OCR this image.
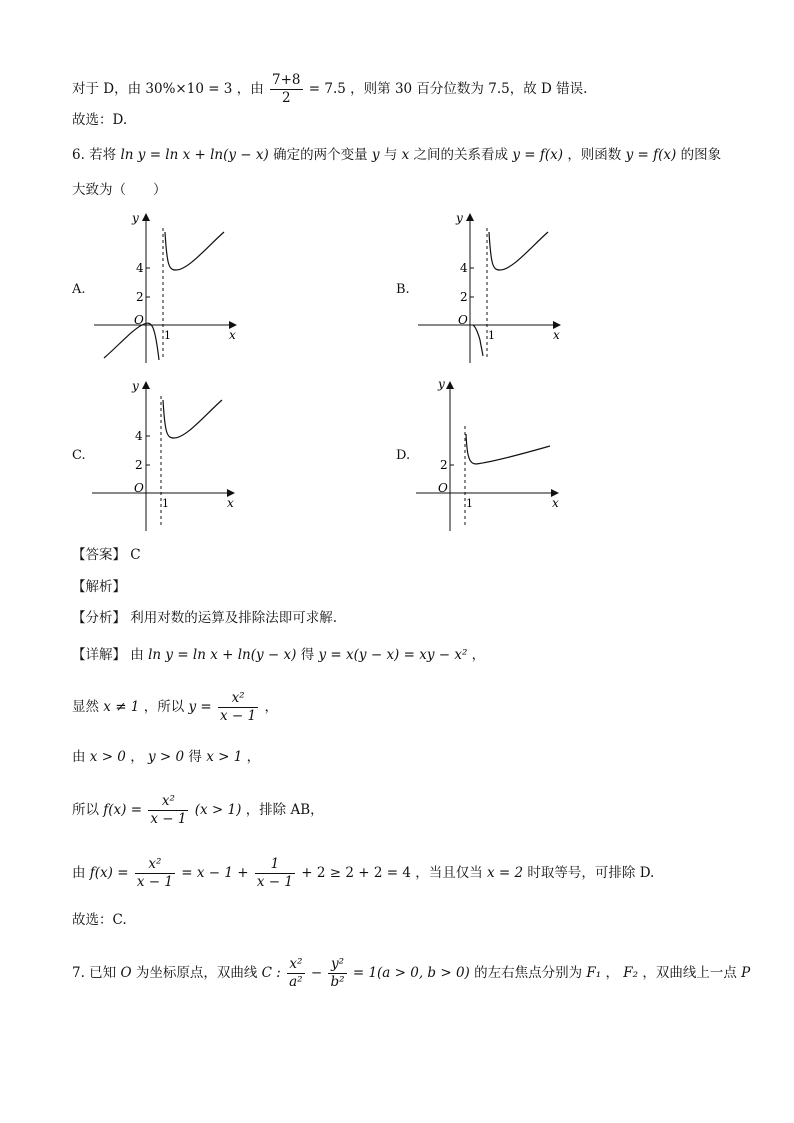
对于 D，由 30%×10 = 3 ，由 $\frac{7+8}{2} = 7.5$ ，则第 30 百分位数为 7.5，故 D 错误.
故选：D.
6. 若将 ln y = ln x + ln(y − x) 确定的两个变量 y 与 x 之间的关系看成 y = f(x) ，则函数 y = f(x) 的图象
大致为（　　）
A.	B.
C.	D.
y
x
O
1
4
2
y
x
O
1
4
2
y
x
O
1
4
2
y
x
O
1
2
【答案】 C
【解析】
【分析】 利用对数的运算及排除法即可求解.
【详解】 由 ln y = ln x + ln(y − x) 得 y = x(y − x) = xy − x² ，
显然 x ≠ 1 ，所以 $y = \frac{\text{x²}}{x - 1}$ ，
由 x > 0 ， y > 0 得 x > 1 ，
所以 $f(x) = \frac{\text{x²}}{x - 1} (x > 1)$ ，排除 AB，
由 $f(x) = \frac{\text{x²}}{x - 1} = x - 1 + \frac{1}{x - 1} + 2 \ge 2 + 2 = 4$ ，当且仅当 x = 2 时取等号，可排除 D.
故选：C.
7. 已知 O 为坐标原点，双曲线 C : $\frac{\text{x²}}{\text{a²}} - \frac{\text{y²}}{\text{b²}} = 1(a > 0$, b > 0) 的左右焦点分别为 F₁ ， F₂ ，双曲线上一点 P
